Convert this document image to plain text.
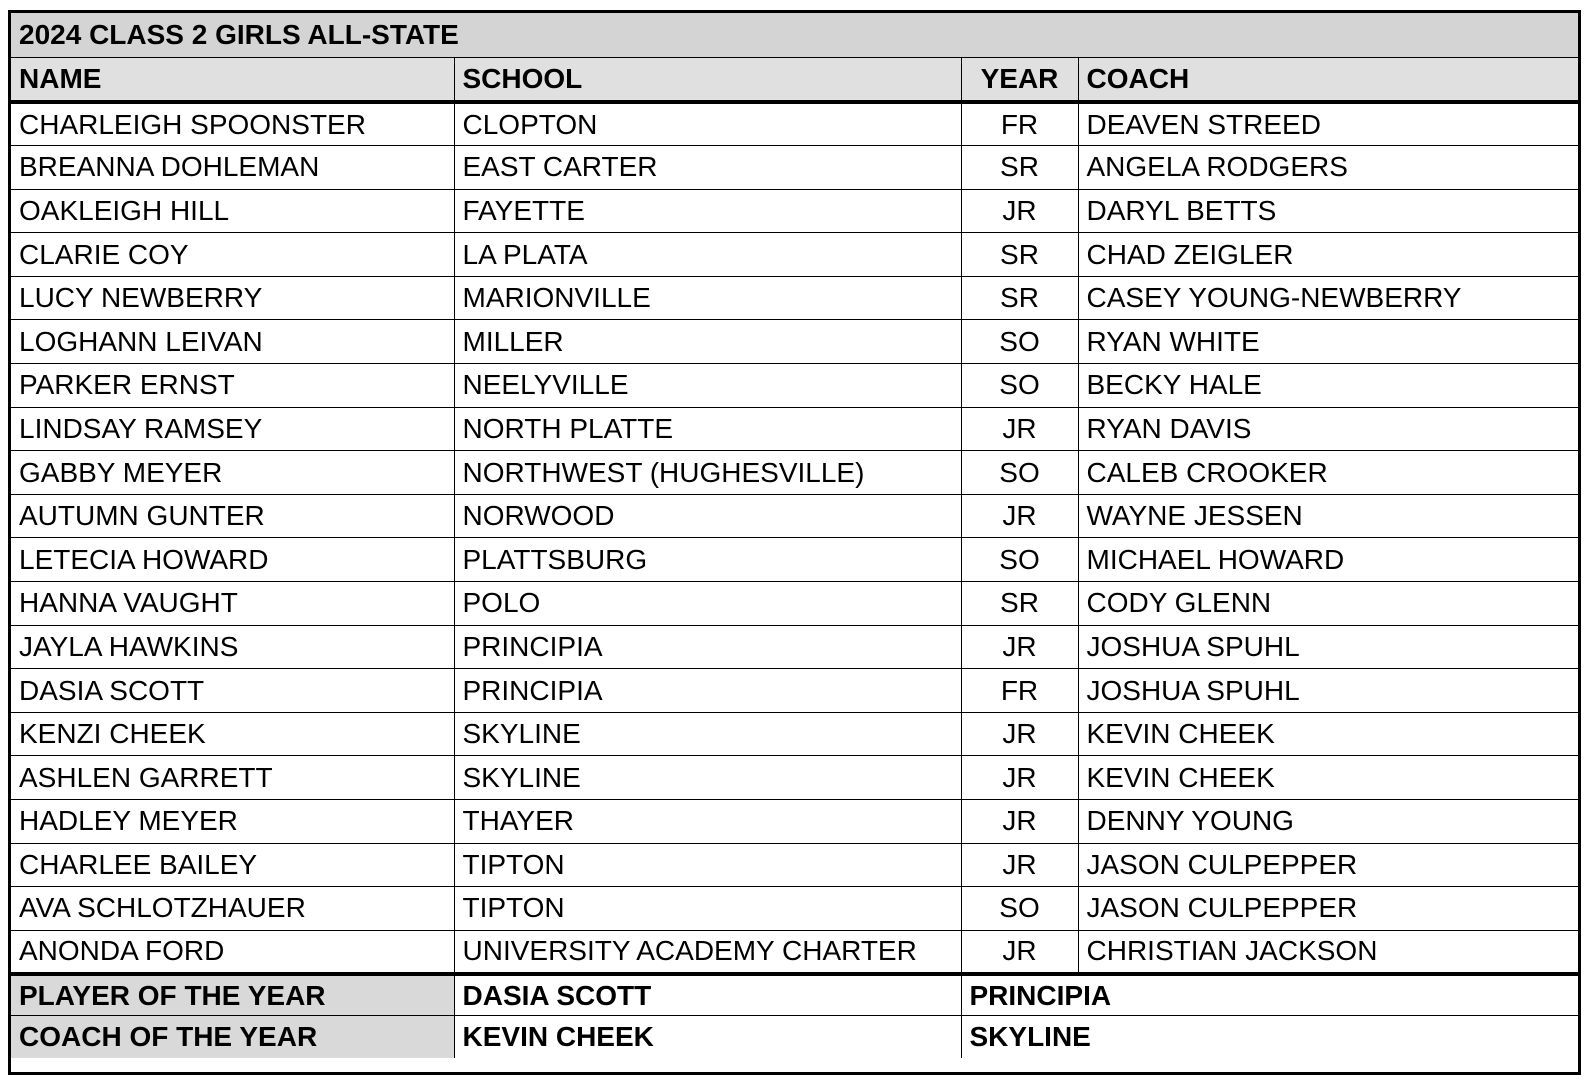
2024 CLASS 2 GIRLS ALL-STATE			
NAME	SCHOOL	YEAR	COACH
CHARLEIGH SPOONSTER	CLOPTON	FR	DEAVEN STREED
BREANNA DOHLEMAN	EAST CARTER	SR	ANGELA RODGERS
OAKLEIGH HILL	FAYETTE	JR	DARYL BETTS
CLARIE COY	LA PLATA	SR	CHAD ZEIGLER
LUCY NEWBERRY	MARIONVILLE	SR	CASEY YOUNG-NEWBERRY
LOGHANN LEIVAN	MILLER	SO	RYAN WHITE
PARKER ERNST	NEELYVILLE	SO	BECKY HALE
LINDSAY RAMSEY	NORTH PLATTE	JR	RYAN DAVIS
GABBY MEYER	NORTHWEST (HUGHESVILLE)	SO	CALEB CROOKER
AUTUMN GUNTER	NORWOOD	JR	WAYNE JESSEN
LETECIA HOWARD	PLATTSBURG	SO	MICHAEL HOWARD
HANNA VAUGHT	POLO	SR	CODY GLENN
JAYLA HAWKINS	PRINCIPIA	JR	JOSHUA SPUHL
DASIA SCOTT	PRINCIPIA	FR	JOSHUA SPUHL
KENZI CHEEK	SKYLINE	JR	KEVIN CHEEK
ASHLEN GARRETT	SKYLINE	JR	KEVIN CHEEK
HADLEY MEYER	THAYER	JR	DENNY YOUNG
CHARLEE BAILEY	TIPTON	JR	JASON CULPEPPER
AVA SCHLOTZHAUER	TIPTON	SO	JASON CULPEPPER
ANONDA FORD	UNIVERSITY ACADEMY CHARTER	JR	CHRISTIAN JACKSON
PLAYER OF THE YEAR	DASIA SCOTT	PRINCIPIA	
COACH OF THE YEAR	KEVIN CHEEK	SKYLINE	
